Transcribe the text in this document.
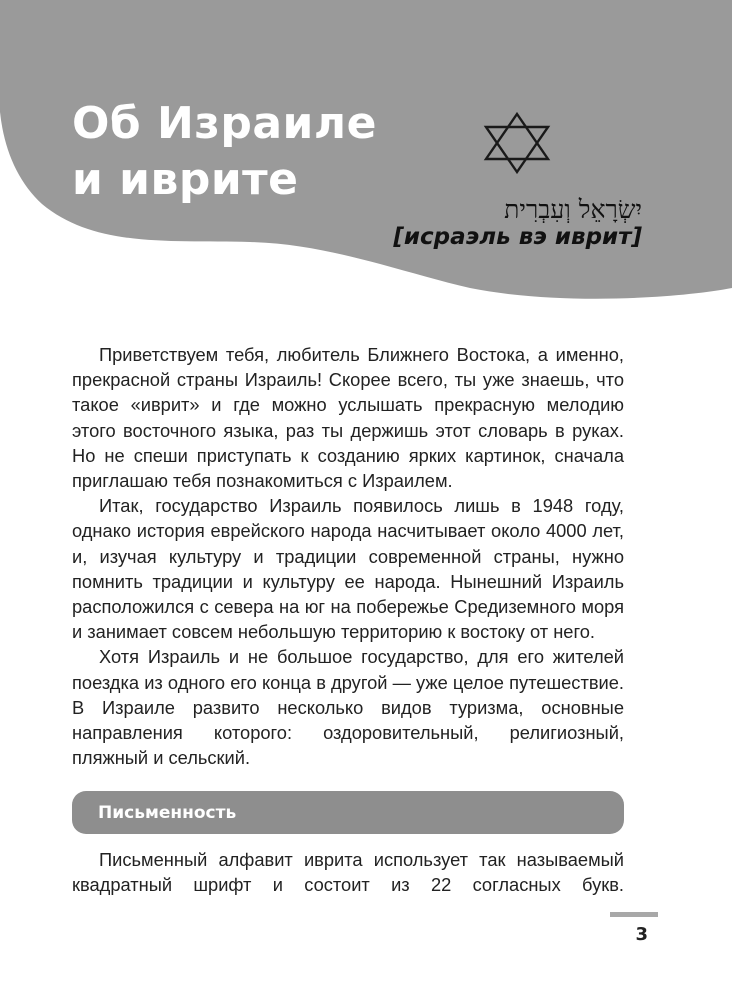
Об Израиле
и иврите

יִשְׂרָאֵל וְעִבְרִית

[исраэль вэ иврит]

Приветствуем тебя, любитель Ближнего Востока, а именно, прекрасной страны Израиль! Скорее всего, ты уже знаешь, что такое «иврит» и где можно услышать прекрасную мелодию этого восточного языка, раз ты держишь этот словарь в руках. Но не спеши приступать к созданию ярких картинок, сначала приглашаю тебя познакомиться с Израилем.

Итак, государство Израиль появилось лишь в 1948 году, однако история еврейского народа насчитывает около 4000 лет, и, изучая культуру и традиции современной страны, нужно помнить традиции и культуру ее народа. Нынешний Израиль расположился с севера на юг на побережье Средиземного моря и занимает совсем небольшую территорию к востоку от него.

Хотя Израиль и не большое государство, для его жителей поездка из одного его конца в другой — уже целое путешествие. В Израиле развито несколько видов туризма, основные направления которого: оздоровительный, религиозный, пляжный и сельский.

Письменность

Письменный алфавит иврита использует так называемый квадратный шрифт и состоит из 22 согласных букв.

3
